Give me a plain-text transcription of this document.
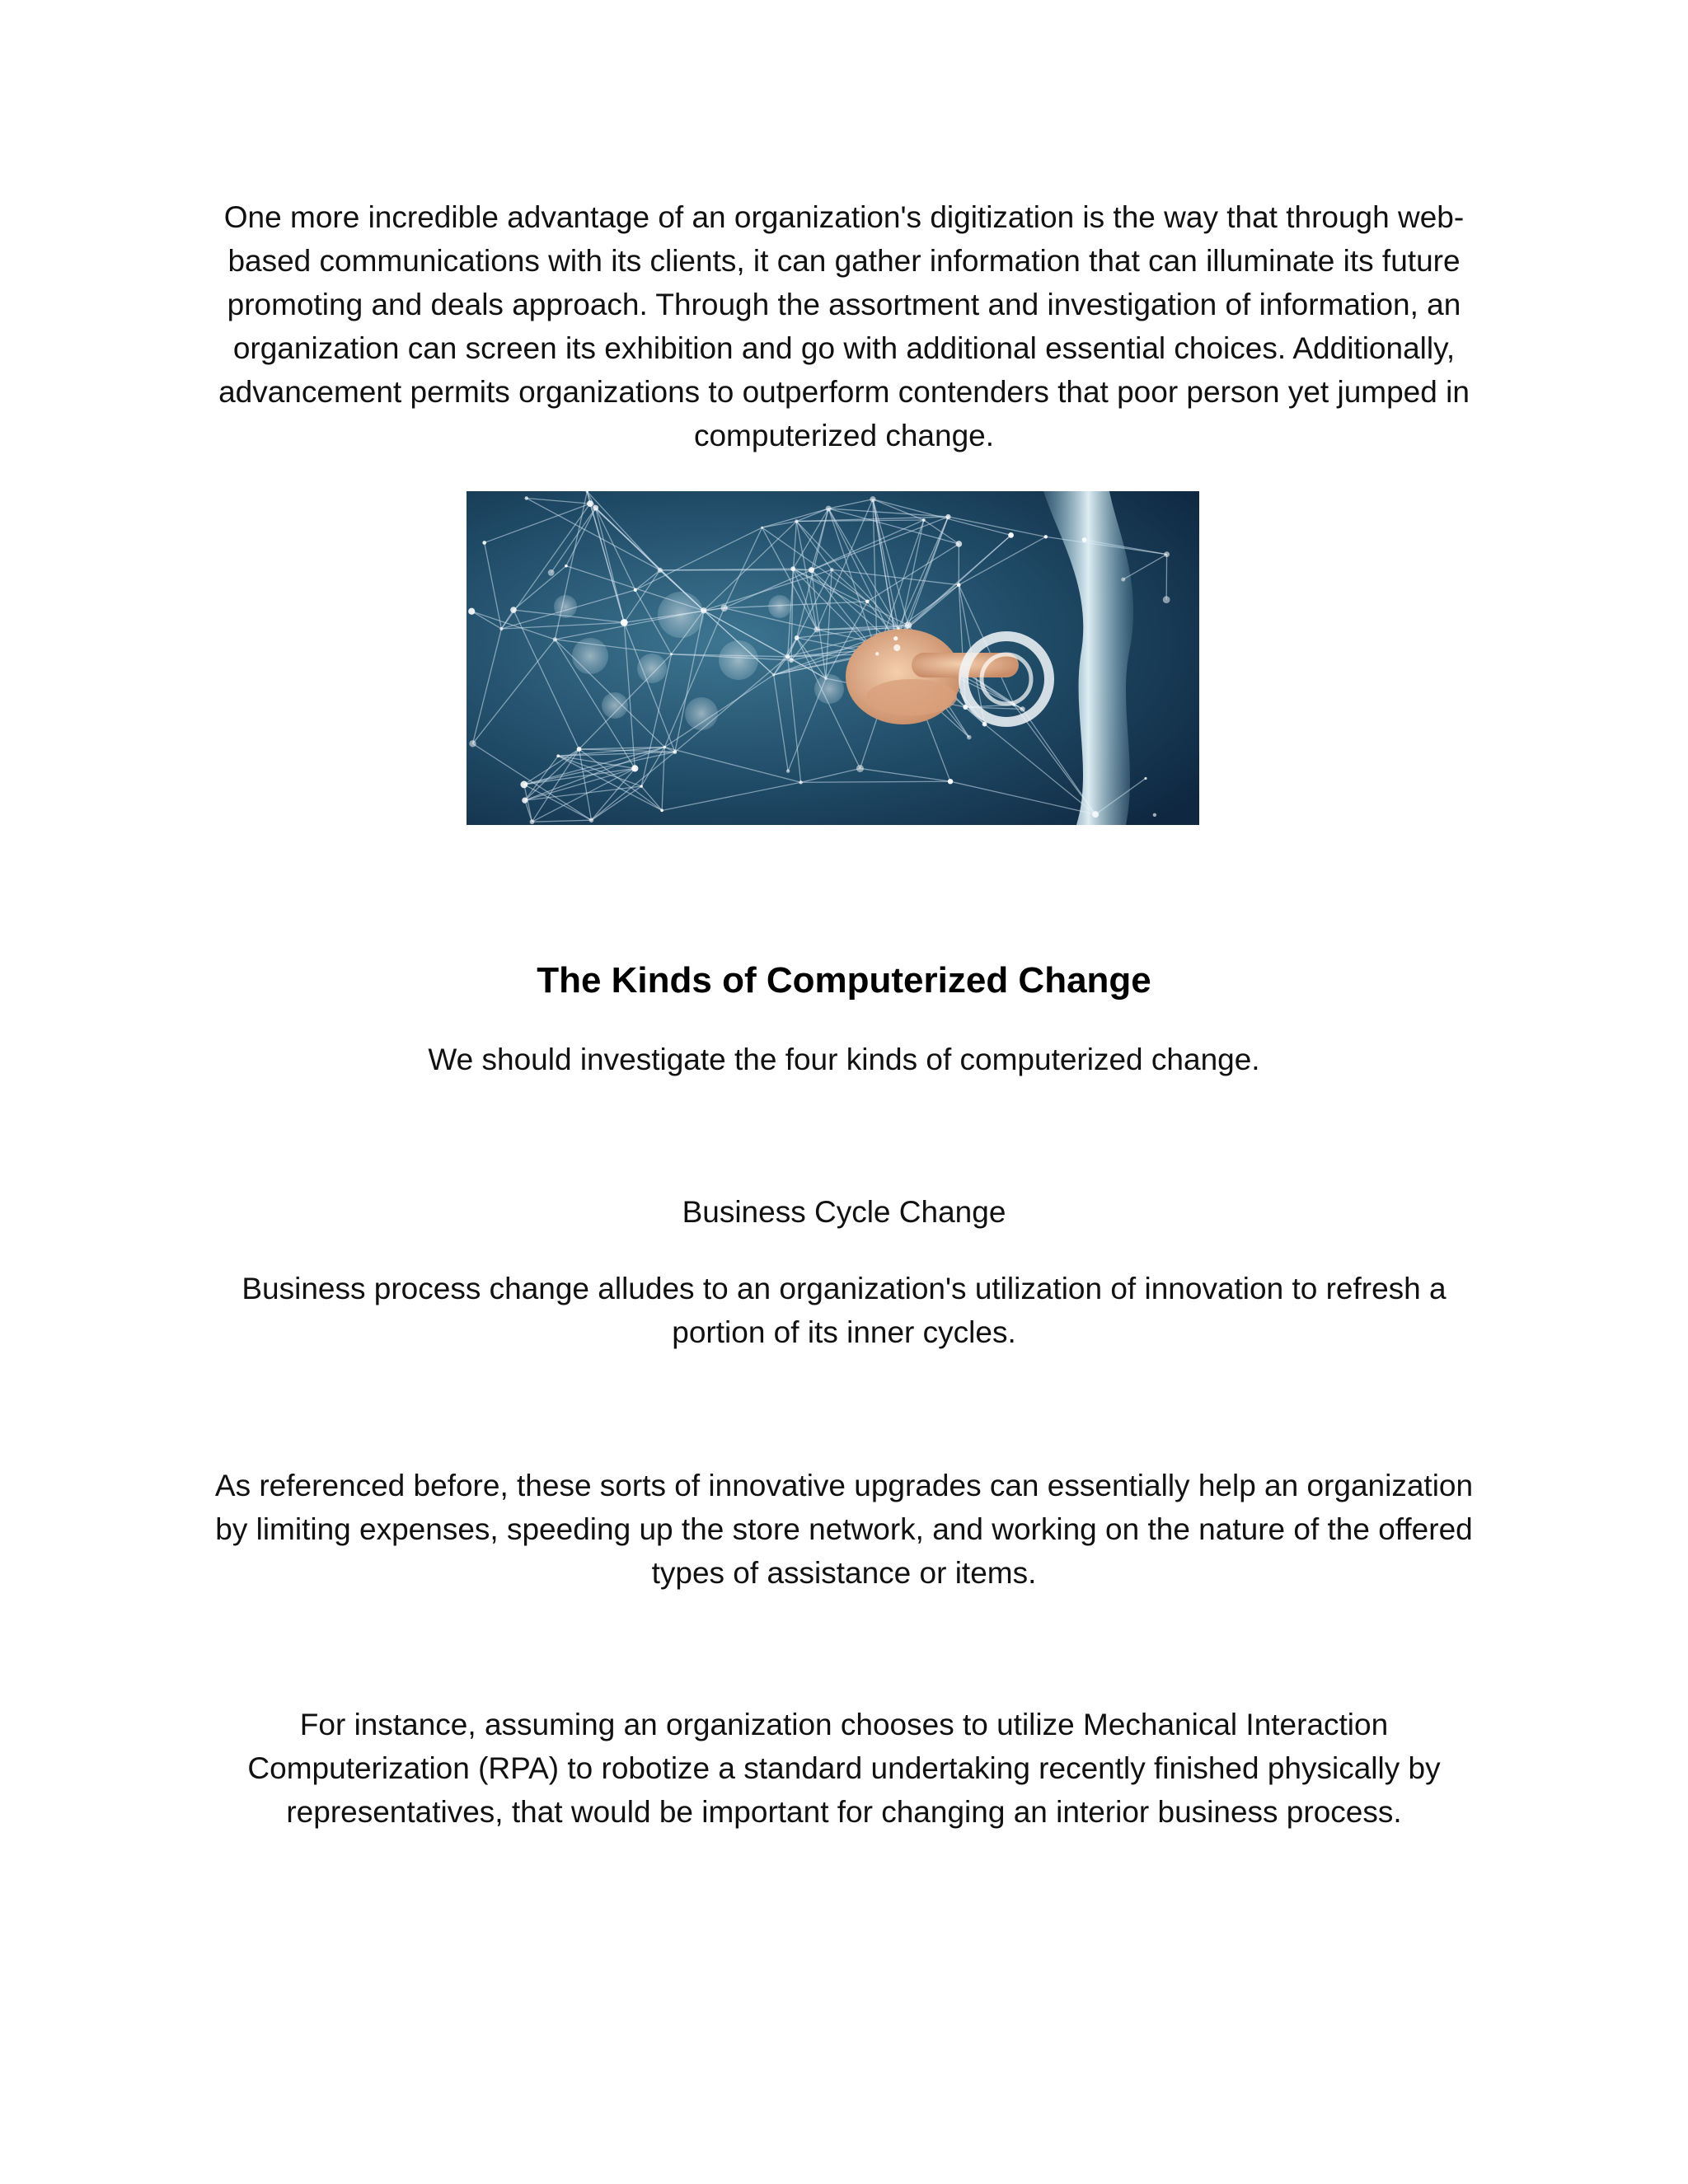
One more incredible advantage of an organization's digitization is the way that through web-based communications with its clients, it can gather information that can illuminate its future promoting and deals approach. Through the assortment and investigation of information, an organization can screen its exhibition and go with additional essential choices. Additionally, advancement permits organizations to outperform contenders that poor person yet jumped in computerized change.

The Kinds of Computerized Change

We should investigate the four kinds of computerized change.

Business Cycle Change

Business process change alludes to an organization's utilization of innovation to refresh a portion of its inner cycles.

As referenced before, these sorts of innovative upgrades can essentially help an organization by limiting expenses, speeding up the store network, and working on the nature of the offered types of assistance or items.

For instance, assuming an organization chooses to utilize Mechanical Interaction Computerization (RPA) to robotize a standard undertaking recently finished physically by representatives, that would be important for changing an interior business process.
